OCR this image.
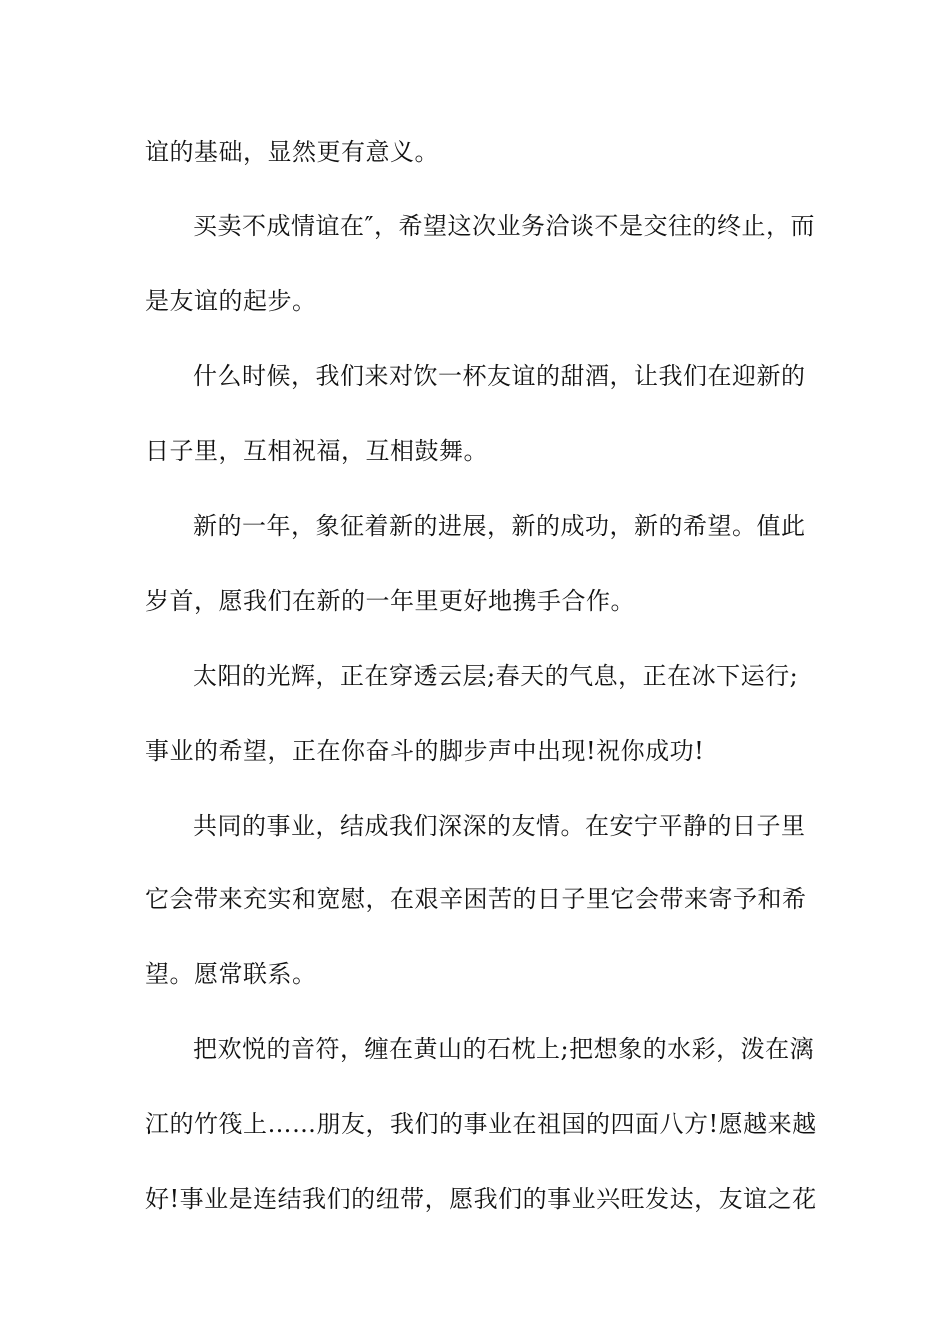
谊的基础，显然更有意义。
买卖不成情谊在″，希望这次业务洽谈不是交往的终止，而
是友谊的起步。
什么时候，我们来对饮一杯友谊的甜酒，让我们在迎新的
日子里，互相祝福，互相鼓舞。
新的一年，象征着新的进展，新的成功，新的希望。值此
岁首，愿我们在新的一年里更好地携手合作。
太阳的光辉，正在穿透云层;春天的气息，正在冰下运行;
事业的希望，正在你奋斗的脚步声中出现!祝你成功!
共同的事业，结成我们深深的友情。在安宁平静的日子里
它会带来充实和宽慰，在艰辛困苦的日子里它会带来寄予和希
望。愿常联系。
把欢悦的音符，缠在黄山的石枕上;把想象的水彩，泼在漓
江的竹筏上……朋友，我们的事业在祖国的四面八方!愿越来越
好!事业是连结我们的纽带，愿我们的事业兴旺发达，友谊之花
